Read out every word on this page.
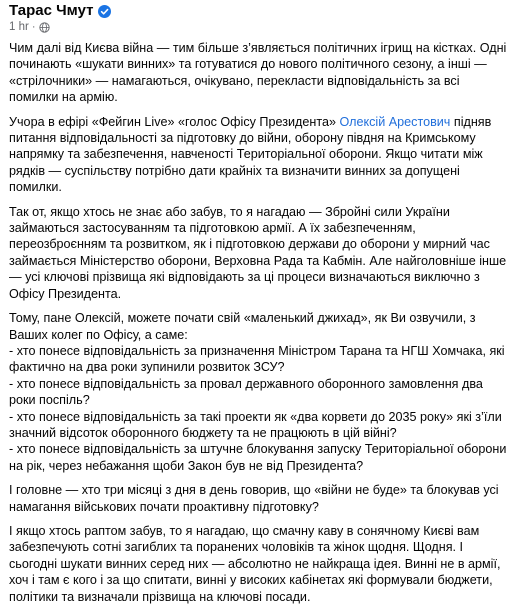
Тарас Чмут
1 hr ·

Чим далі від Києва війна — тим більше з’являється політичних ігрищ на кістках. Одні починають «шукати винних» та готуватися до нового політичного сезону, а інші — «стрілочники» — намагаються, очікувано, перекласти відповідальність за всі помилки на армію.

Учора в ефірі «Фейгин Live» «голос Офісу Президента» Олексій Арестович підняв питання відповідальності за підготовку до війни, оборону півдня на Кримському напрямку та забезпечення, навченості Територіальної оборони. Якщо читати між рядків — суспільству потрібно дати крайніх та визначити винних за допущені помилки.

Так от, якщо хтось не знає або забув, то я нагадаю — Збройні сили України займаються застосуванням та підготовкою армії. А їх забезпеченням, переозброєнням та розвитком, як і підготовкою держави до оборони у мирний час займається Міністерство оборони, Верховна Рада та Кабмін. Але найголовніше інше — усі ключові прізвища які відповідають за ці процеси визначаються виключно з Офісу Президента.

Тому, пане Олексій, можете почати свій «маленький джихад», як Ви озвучили, з Ваших колег по Офісу, а саме:
- хто понесе відповідальність за призначення Міністром Тарана та НГШ Хомчака, які фактично на два роки зупинили розвиток ЗСУ?
- хто понесе відповідальність за провал державного оборонного замовлення два роки поспіль?
- хто понесе відповідальність за такі проекти як «два корвети до 2035 року» які з’їли значний відсоток оборонного бюджету та не працюють в цій війні?
- хто понесе відповідальність за штучне блокування запуску Територіальної оборони на рік, через небажання щоби Закон був не від Президента?

І головне — хто три місяці з дня в день говорив, що «війни не буде» та блокував усі намагання військових почати проактивну підготовку?

І якщо хтось раптом забув, то я нагадаю, що смачну каву в сонячному Києві вам забезпечують сотні загиблих та поранених чоловіків та жінок щодня. Щодня. І сьогодні шукати винних серед них — абсолютно не найкраща ідея. Винні не в армії, хоч і там є кого і за що спитати, винні у високих кабінетах які формували бюджети, політики та визначали прізвища на ключові посади.
